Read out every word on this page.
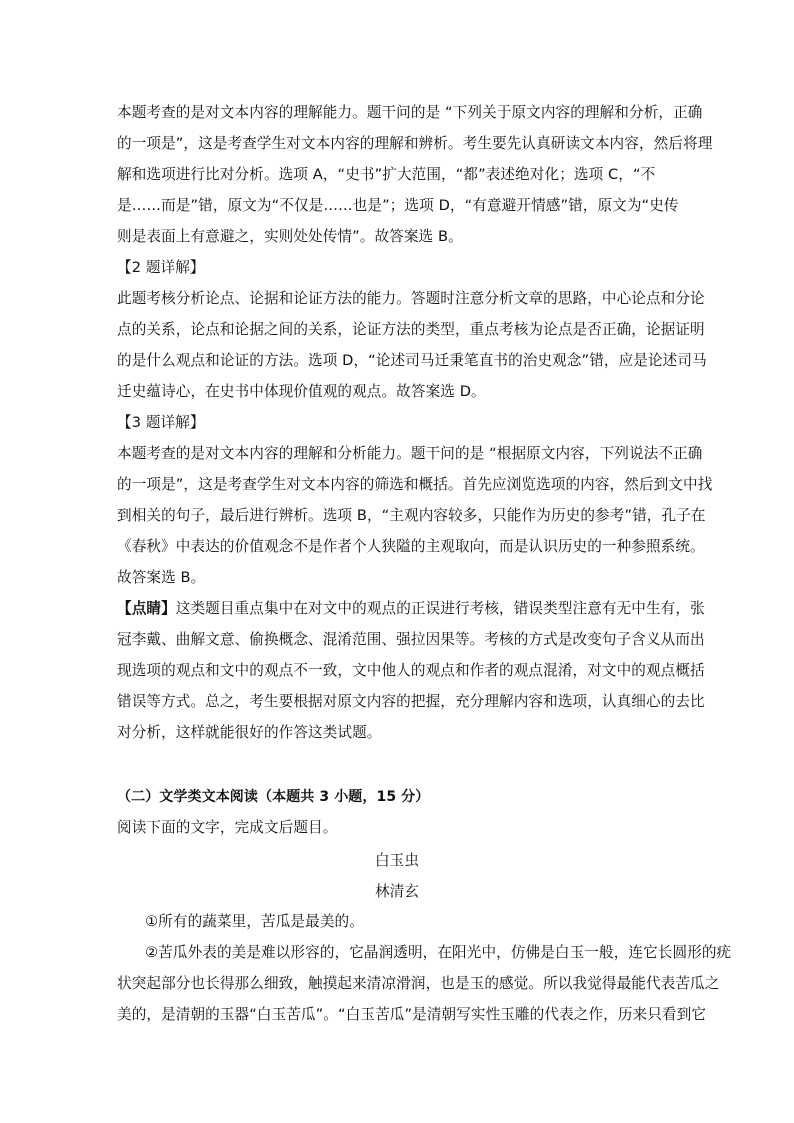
本题考查的是对文本内容的理解能力。题干问的是 “下列关于原文内容的理解和分析，正确
的一项是”，这是考查学生对文本内容的理解和辨析。考生要先认真研读文本内容，然后将理
解和选项进行比对分析。选项 A，“史书”扩大范围，“都”表述绝对化；选项 C，“不
是……而是”错，原文为“不仅是……也是”；选项 D，“有意避开情感”错，原文为“史传
则是表面上有意避之，实则处处传情”。故答案选 B。
【2 题详解】
此题考核分析论点、论据和论证方法的能力。答题时注意分析文章的思路，中心论点和分论
点的关系，论点和论据之间的关系，论证方法的类型，重点考核为论点是否正确，论据证明
的是什么观点和论证的方法。选项 D，“论述司马迁秉笔直书的治史观念”错，应是论述司马
迁史蕴诗心，在史书中体现价值观的观点。故答案选 D。
【3 题详解】
本题考查的是对文本内容的理解和分析能力。题干问的是 “根据原文内容，下列说法不正确
的一项是”，这是考查学生对文本内容的筛选和概括。首先应浏览选项的内容，然后到文中找
到相关的句子，最后进行辨析。选项 B，“主观内容较多，只能作为历史的参考”错，孔子在
《春秋》中表达的价值观念不是作者个人狭隘的主观取向，而是认识历史的一种参照系统。
故答案选 B。
【点睛】这类题目重点集中在对文中的观点的正误进行考核，错误类型注意有无中生有，张
冠李戴、曲解文意、偷换概念、混淆范围、强拉因果等。考核的方式是改变句子含义从而出
现选项的观点和文中的观点不一致，文中他人的观点和作者的观点混淆，对文中的观点概括
错误等方式。总之，考生要根据对原文内容的把握，充分理解内容和选项，认真细心的去比
对分析，这样就能很好的作答这类试题。
（二）文学类文本阅读（本题共 3 小题，15 分）
阅读下面的文字，完成文后题目。
白玉虫
林清玄
①所有的蔬菜里，苦瓜是最美的。
②苦瓜外表的美是难以形容的，它晶润透明，在阳光中，仿佛是白玉一般，连它长圆形的疣
状突起部分也长得那么细致，触摸起来清凉滑润，也是玉的感觉。所以我觉得最能代表苦瓜之
美的，是清朝的玉器“白玉苦瓜”。“白玉苦瓜”是清朝写实性玉雕的代表之作，历来只看到它
